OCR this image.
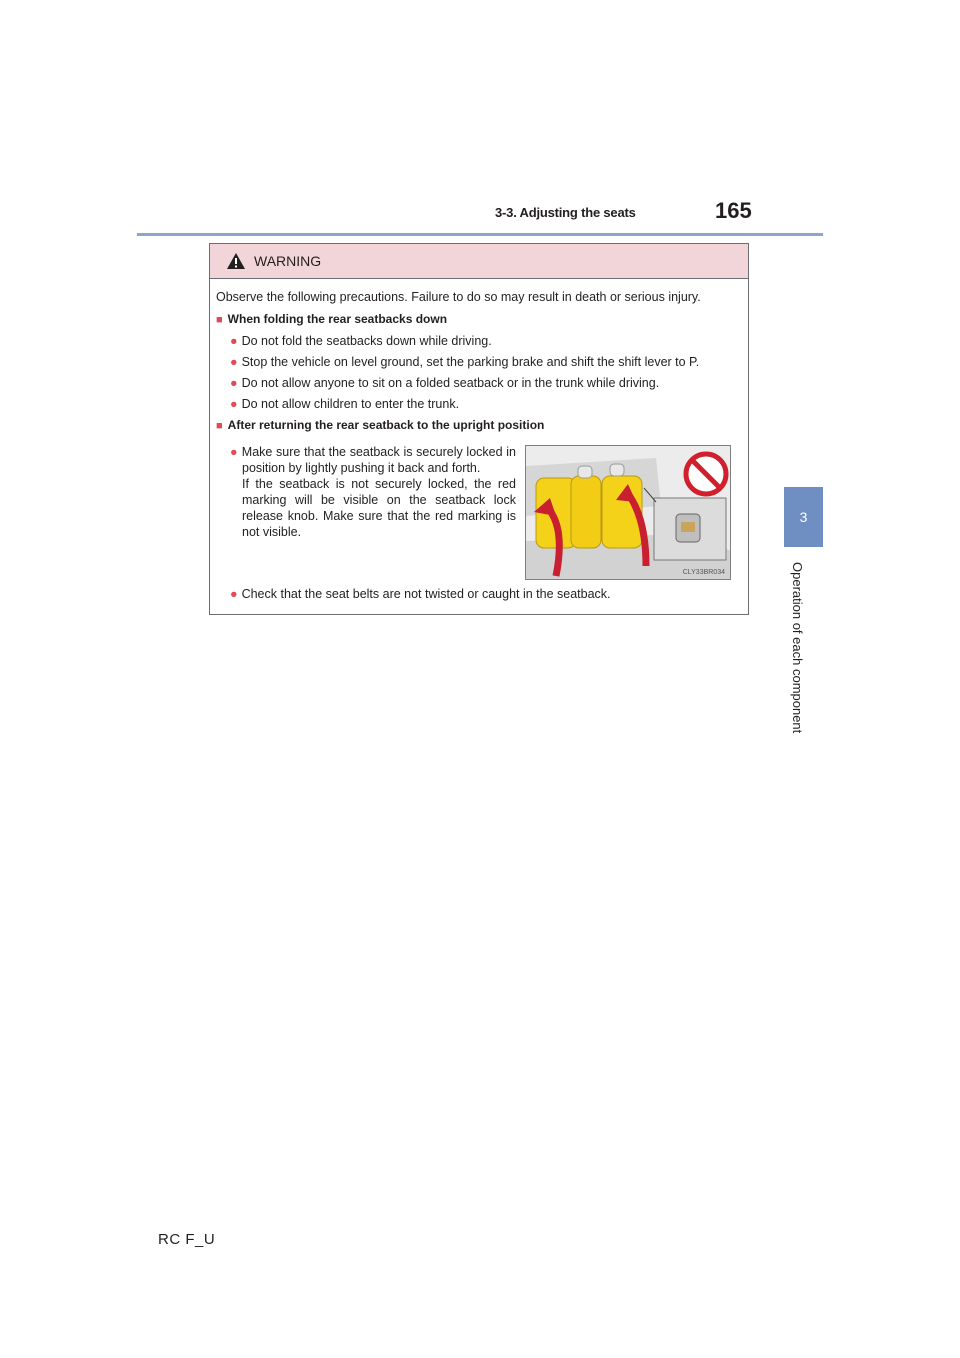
3-3. Adjusting the seats	165
3
Operation of each component
WARNING
Observe the following precautions. Failure to do so may result in death or serious injury.
■ When folding the rear seatbacks down
● Do not fold the seatbacks down while driving.
● Stop the vehicle on level ground, set the parking brake and shift the shift lever to P.
● Do not allow anyone to sit on a folded seatback or in the trunk while driving.
● Do not allow children to enter the trunk.
■ After returning the rear seatback to the upright position
● Make sure that the seatback is securely locked in position by lightly pushing it back and forth.
If the seatback is not securely locked, the red marking will be visible on the seatback lock release knob. Make sure that the red marking is not visible.
CLY33BR034
● Check that the seat belts are not twisted or caught in the seatback.
RC F_U
